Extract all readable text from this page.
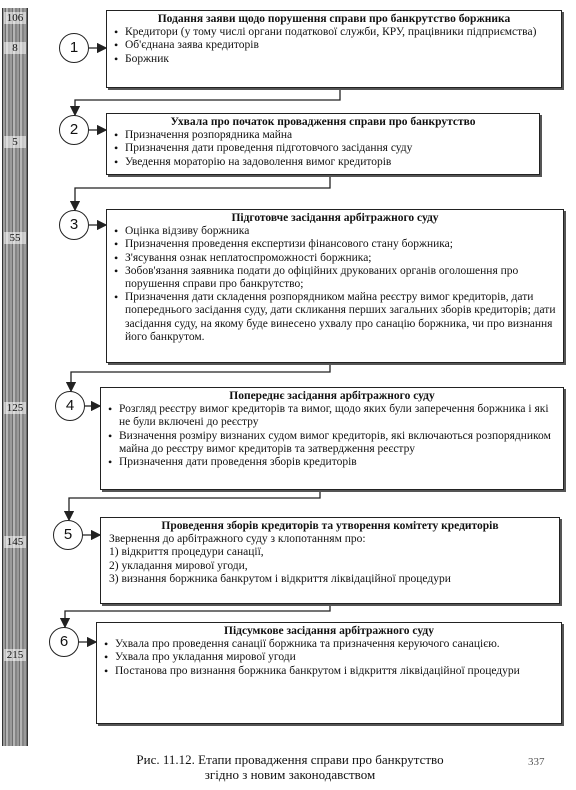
106
8
5
55
125
145
215
1
2
3
4
5
6
Подання заяви щодо порушення справи про банкрутство боржника
• Кредитори (у тому числі органи податкової служби, КРУ, працівники підприємства)
• Об'єднана заява кредиторів
• Боржник
Ухвала про початок провадження справи про банкрутство
• Призначення розпорядника майна
• Призначення дати проведення підготовчого засідання суду
• Уведення мораторію на задоволення вимог кредиторів
Підготовче засідання арбітражного суду
• Оцінка відзиву боржника
• Призначення проведення експертизи фінансового стану боржника;
• З'ясування ознак неплатоспроможності боржника;
• Зобов'язання заявника подати до офіційних друкованих органів оголошення про порушення справи про банкрутство;
• Призначення дати складення розпорядником майна реєстру вимог кредиторів, дати попереднього засідання суду, дати скликання перших загальних зборів кредиторів; дати засідання суду, на якому буде винесено ухвалу про санацію боржника, чи про визнання його банкрутом.
Попереднє засідання арбітражного суду
• Розгляд реєстру вимог кредиторів та вимог, щодо яких були заперечення боржника і які не були включені до реєстру
• Визначення розміру визнаних судом вимог кредиторів, які включаються розпорядником майна до реєстру вимог кредиторів та затвердження реєстру
• Призначення дати проведення зборів кредиторів
Проведення зборів кредиторів та утворення комітету кредиторів
Звернення до арбітражного суду з клопотанням про:
1) відкриття процедури санації,
2) укладання мирової угоди,
3) визнання боржника банкрутом і відкриття ліквідаційної процедури
Підсумкове засідання арбітражного суду
• Ухвала про проведення санації боржника та призначення керуючого санацією.
• Ухвала про укладання мирової угоди
• Постанова про визнання боржника банкрутом і відкриття ліквідаційної процедури
Рис. 11.12. Етапи провадження справи про банкрутство
згідно з новим законодавством
337
